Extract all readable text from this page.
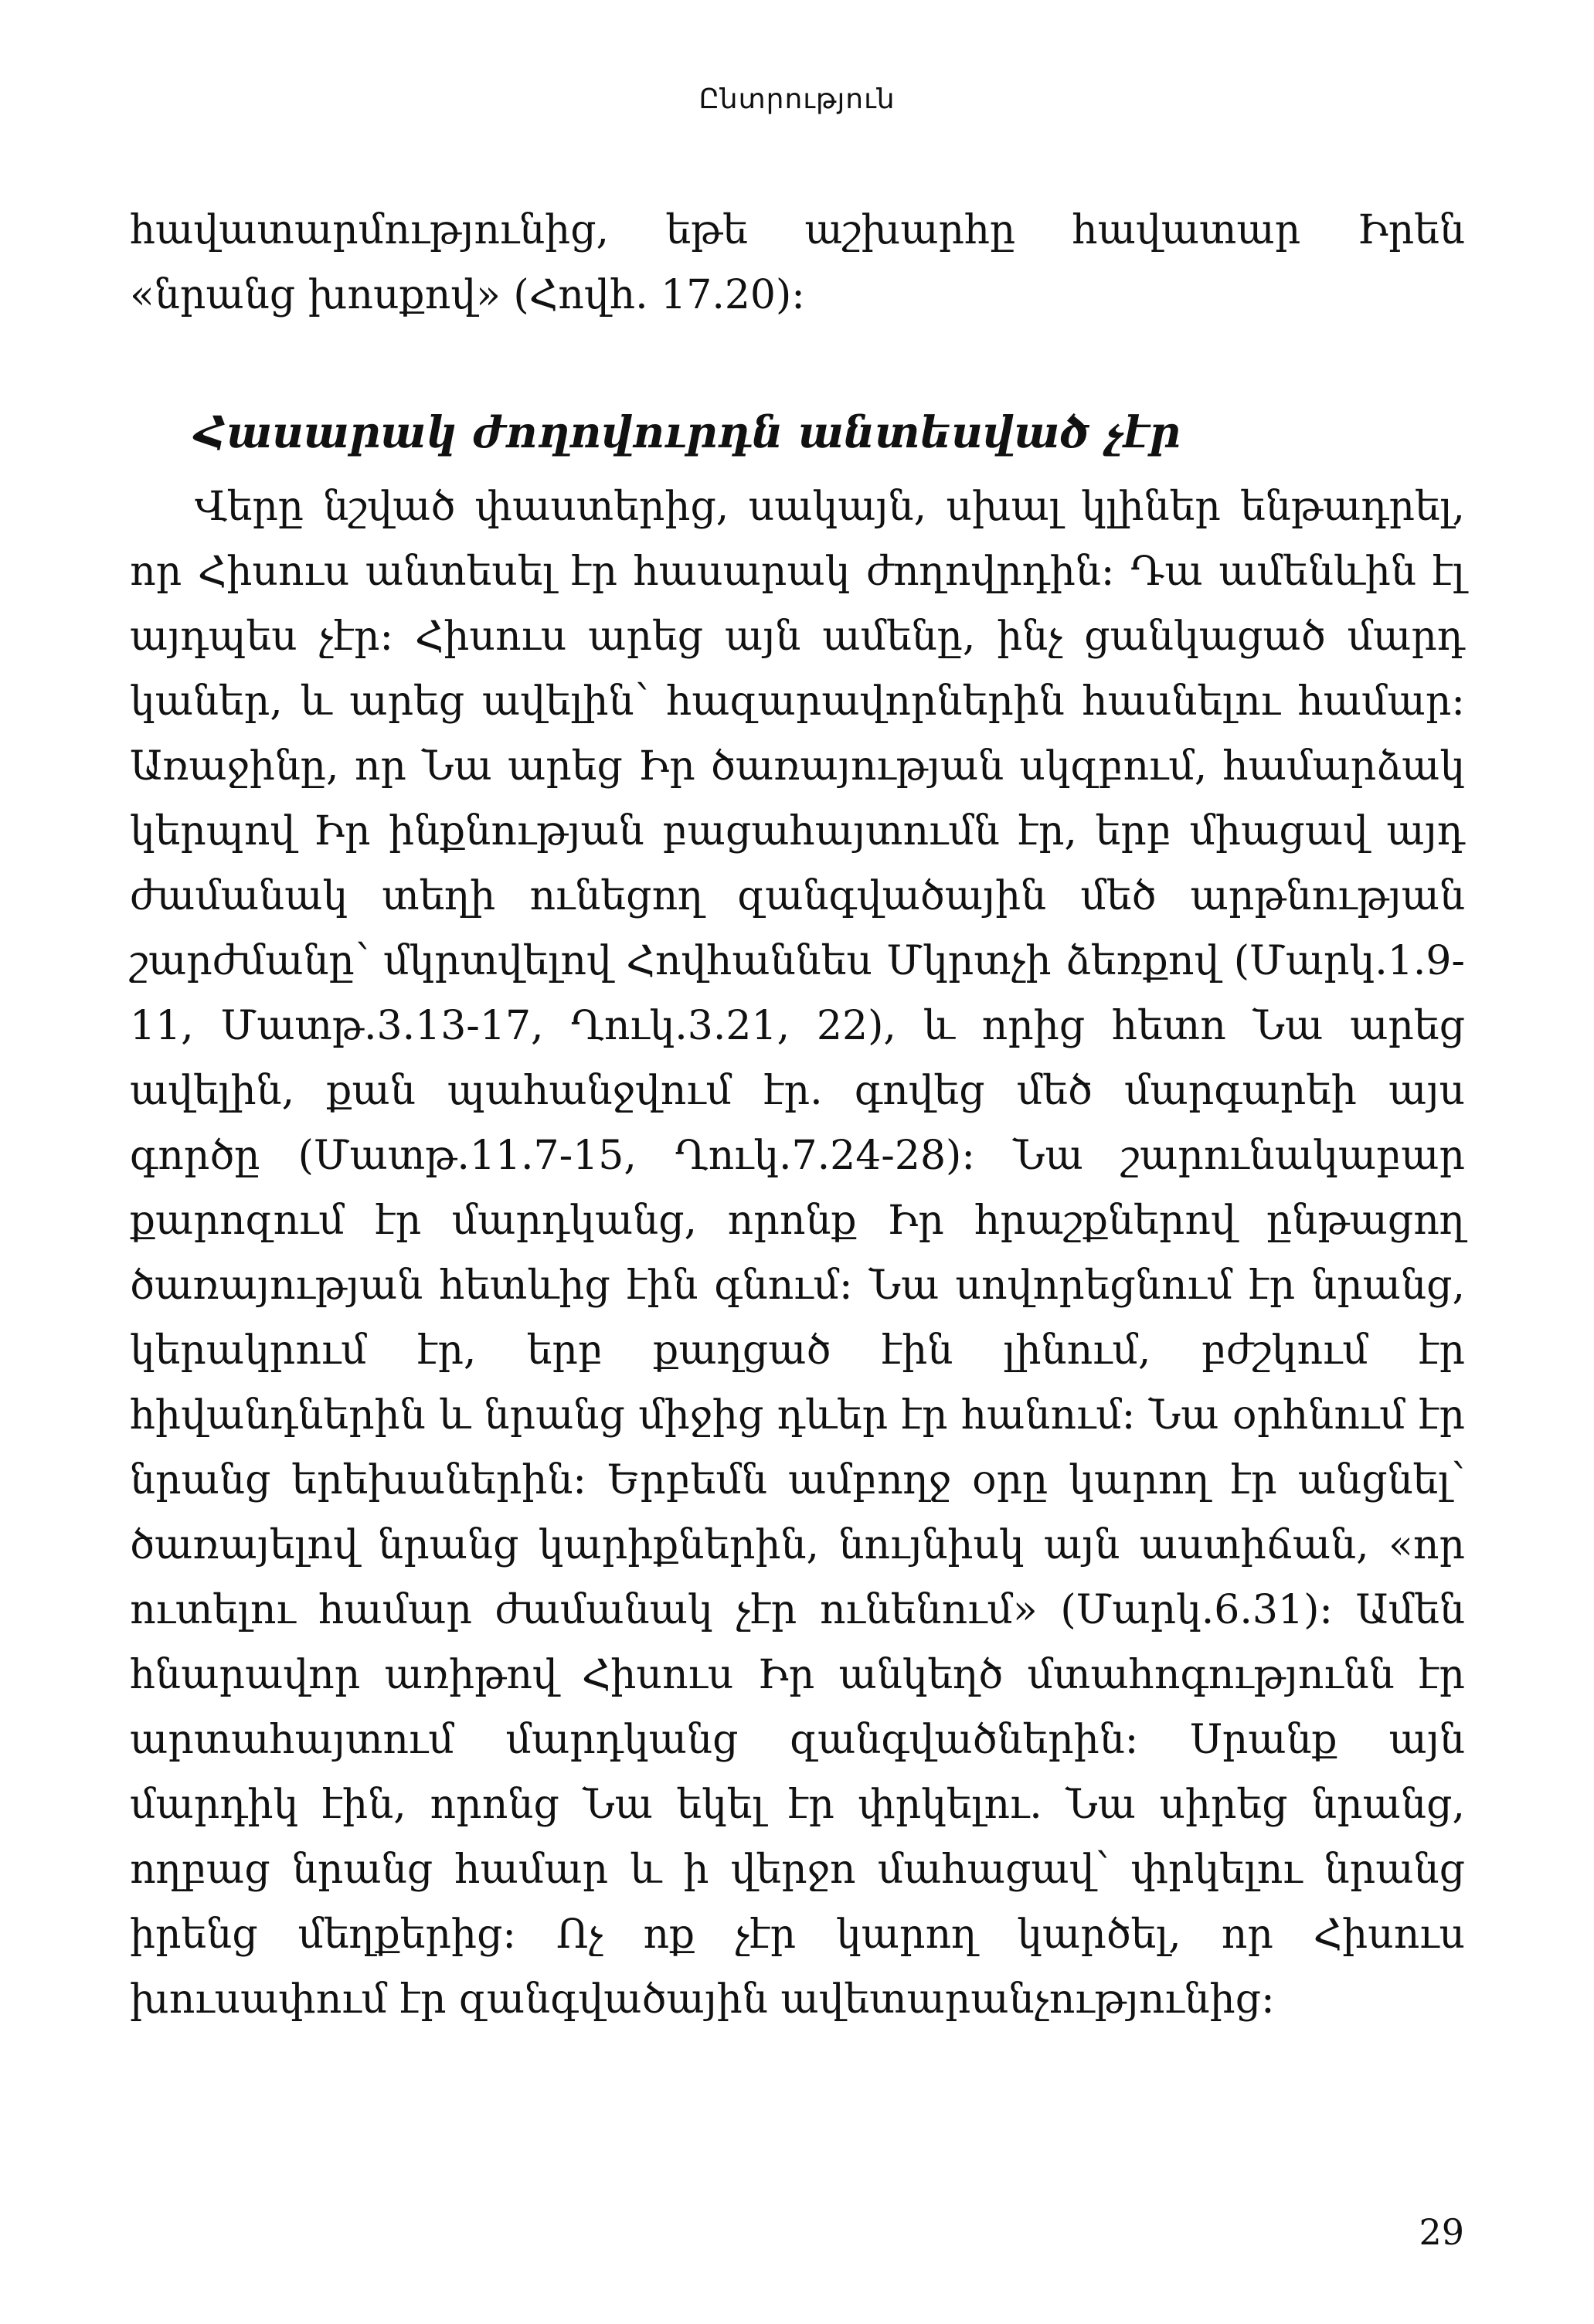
Ընտրություն

հավատարմությունից, եթե աշխարհը հավատար Իրեն «նրանց խոսքով» (Հովh. 17.20)։

Հասարակ ժողովուրդն անտեսված չէր

Վերը նշված փաստերից, սակայն, սխալ կլիներ ենթադրել, որ Հիսուս անտեսել էր հասարակ ժողովրդին։ Դա ամենևին էլ այդպես չէր։ Հիսուս արեց այն ամենը, ինչ ցանկացած մարդ կաներ, և արեց ավելին՝ հազարավորներին հասնելու համար։ Առաջինը, որ Նա արեց Իր ծառայության սկզբում, համարձակ կերպով Իր ինքնության բացահայտումն էր, երբ միացավ այդ ժամանակ տեղի ունեցող զանգվածային մեծ արթնության շարժմանը՝ մկրտվելով Հովհաննես Մկրտչի ձեռքով (Մարկ.1.9-11, Մատթ.3.13-17, Ղուկ.3.21, 22), և որից հետո Նա արեց ավելին, քան պահանջվում էր. գովեց մեծ մարգարեի այս գործը (Մատթ.11.7-15, Ղուկ.7.24-28)։ Նա շարունակաբար քարոզում էր մարդկանց, որոնք Իր հրաշքներով ընթացող ծառայության հետևից էին գնում։ Նա սովորեցնում էր նրանց, կերակրում էր, երբ քաղցած էին լինում, բժշկում էր հիվանդներին և նրանց միջից դևեր էր հանում։ Նա օրհնում էր նրանց երեխաներին։ Երբեմն ամբողջ օրը կարող էր անցնել՝ ծառայելով նրանց կարիքներին, նույնիսկ այն աստիճան, «որ ուտելու համար ժամանակ չէր ունենում» (Մարկ.6.31)։ Ամեն հնարավոր առիթով Հիսուս Իր անկեղծ մտահոգությունն էր արտահայտում մարդկանց զանգվածներին։ Սրանք այն մարդիկ էին, որոնց Նա եկել էր փրկելու. Նա սիրեց նրանց, ողբաց նրանց համար և ի վերջո մահացավ՝ փրկելու նրանց իրենց մեղքերից։ Ոչ ոք չէր կարող կարծել, որ Հիսուս խուսափում էր զանգվածային ավետարանչությունից։

29
